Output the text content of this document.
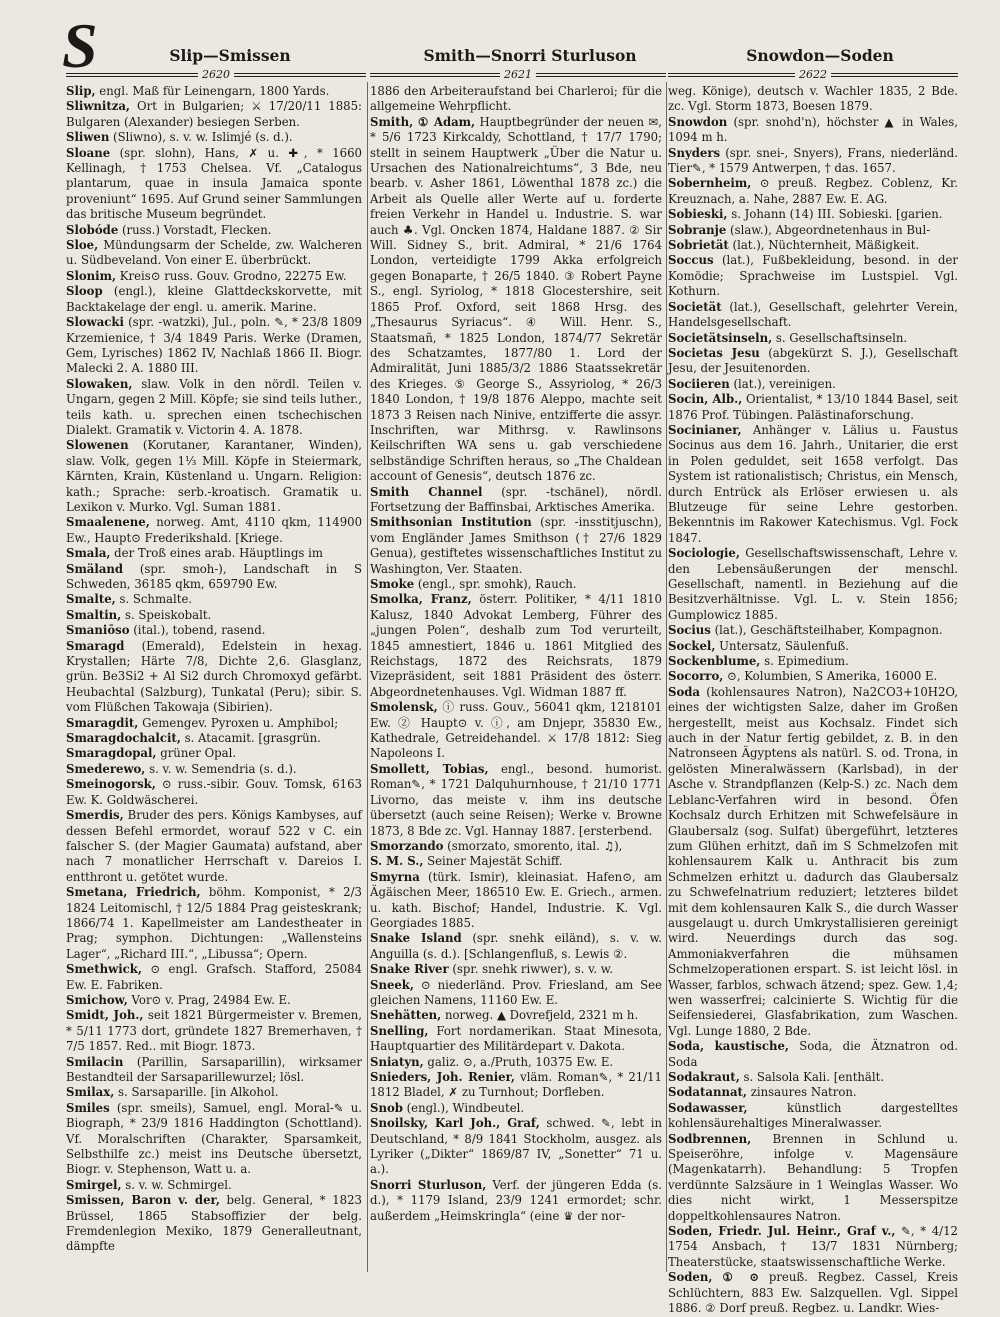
S	Slip—Smissen	Smith—Snorri Sturluson	Snowdon—Soden
2620	2621	2622
Slip, engl. Maß für Leinengarn, 1800 Yards.
Sliwnitza, Ort in Bulgarien; ⚔ 17/20/11 1885: Bulgaren (Alexander) besiegen Serben.
Sliwen (Sliwno), s. v. w. Islimjé (s. d.).
Sloane (spr. slohn), Hans, ✗ u. ✚, * 1660 Kellinagh, †1753 Chelsea. Vf. „Catalogus plantarum, quae in insula Jamaica sponte proveniunt“ 1695. Auf Grund seiner Sammlungen das britische Museum begründet.
Slobóde (russ.) Vorstadt, Flecken.
Sloe, Mündungsarm der Schelde, zw. Walcheren u. Südbeveland. Von einer E. überbrückt.
Slonim, Kreis⊙ russ. Gouv. Grodno, 22275 Ew.
Sloop (engl.), kleine Glattdeckskorvette, mit Backtakelage der engl. u. amerik. Marine.
Slowacki (spr. -watzki), Jul., poln. ✎, * 23/8 1809 Krzemienice, † 3/4 1849 Paris. Werke (Dramen, Gem, Lyrisches) 1862 IV, Nachlaß 1866 II. Biogr. Malecki 2. A. 1880 III.
Slowaken, slaw. Volk in den nördl. Teilen v. Ungarn, gegen 2 Mill. Köpfe; sie sind teils luther., teils kath. u. sprechen einen tschechischen Dialekt. Gramatik v. Victorin 4. A. 1878.
Slowenen (Korutaner, Karantaner, Winden), slaw. Volk, gegen 1⅓ Mill. Köpfe in Steiermark, Kärnten, Krain, Küstenland u. Ungarn. Religion: kath.; Sprache: serb.-kroatisch. Gramatik u. Lexikon v. Murko. Vgl. Suman 1881.
Smaalenene, norweg. Amt, 4110 qkm, 114900 Ew., Haupt⊙ Frederikshald. [Kriege.
Smala, der Troß eines arab. Häuptlings im
Smäland (spr. smoh-), Landschaft in S Schweden, 36185 qkm, 659790 Ew.
Smalte, s. Schmalte.
Smaltin, s. Speiskobalt.
Smaniōso (ital.), tobend, rasend.
Smaragd (Emerald), Edelstein in hexag. Krystallen; Härte 7/8, Dichte 2,6. Glasglanz, grün. Be3Si2 + Al Si2 durch Chromoxyd gefärbt. Heubachtal (Salzburg), Tunkatal (Peru); sibir. S. vom Flüßchen Takowaja (Sibirien).
Smaragdit, Gemengev. Pyroxen u. Amphibol;
Smaragdochalcit, s. Atacamit. [grasgrün.
Smaragdopal, grüner Opal.
Smederewo, s. v. w. Semendria (s. d.).
Smeinogorsk, ⊙ russ.-sibir. Gouv. Tomsk, 6163 Ew. K. Goldwäscherei.
Smerdis, Bruder des pers. Königs Kambyses, auf dessen Befehl ermordet, worauf 522 v C. ein falscher S. (der Magier Gaumata) aufstand, aber nach 7 monatlicher Herrschaft v. Dareios I. entthront u. getötet wurde.
Smetana, Friedrich, böhm. Komponist, * 2/3 1824 Leitomischl, † 12/5 1884 Prag geisteskrank; 1866/74 1. Kapellmeister am Landestheater in Prag; symphon. Dichtungen: „Wallensteins Lager“, „Richard III.“, „Libussa“; Opern.
Smethwick, ⊙ engl. Grafsch. Stafford, 25084 Ew. E. Fabriken.
Smichow, Vor⊙ v. Prag, 24984 Ew. E.
Smidt, Joh., seit 1821 Bürgermeister v. Bremen, * 5/11 1773 dort, gründete 1827 Bremerhaven, † 7/5 1857. Red.. mit Biogr. 1873.
Smilacin (Parillin, Sarsaparillin), wirksamer Bestandteil der Sarsaparillewurzel; lösl.
Smilax, s. Sarsaparille. [in Alkohol.
Smiles (spr. smeils), Samuel, engl. Moral-✎ u. Biograph, * 23/9 1816 Haddington (Schottland). Vf. Moralschriften (Charakter, Sparsamkeit, Selbsthilfe zc.) meist ins Deutsche übersetzt, Biogr. v. Stephenson, Watt u. a.
Smirgel, s. v. w. Schmirgel.
Smissen, Baron v. der, belg. General, * 1823 Brüssel, 1865 Stabsoffizier der belg. Fremdenlegion Mexiko, 1879 Generalleutnant, dämpfte
1886 den Arbeiteraufstand bei Charleroi; für die allgemeine Wehrpflicht.
Smith, ① Adam, Hauptbegründer der neuen ✉, * 5/6 1723 Kirkcaldy, Schottland, † 17/7 1790; stellt in seinem Hauptwerk „Über die Natur u. Ursachen des Nationalreichtums“, 3 Bde, neu bearb. v. Asher 1861, Löwenthal 1878 zc.) die Arbeit als Quelle aller Werte auf u. forderte freien Verkehr in Handel u. Industrie. S. war auch ♣. Vgl. Oncken 1874, Haldane 1887. ② Sir Will. Sidney S., brit. Admiral, * 21/6 1764 London, verteidigte 1799 Akka erfolgreich gegen Bonaparte, † 26/5 1840. ③ Robert Payne S., engl. Syriolog, * 1818 Glocestershire, seit 1865 Prof. Oxford, seit 1868 Hrsg. des „Thesaurus Syriacus“. ④ Will. Henr. S., Staatsmañ, * 1825 London, 1874/77 Sekretär des Schatzamtes, 1877/80 1. Lord der Admiralität, Juni 1885/3/2 1886 Staatssekretär des Krieges. ⑤ George S., Assyriolog, * 26/3 1840 London, † 19/8 1876 Aleppo, machte seit 1873 3 Reisen nach Ninive, entzifferte die assyr. Inschriften, war Mithrsg. v. Rawlinsons Keilschriften WA sens u. gab verschiedene selbständige Schriften heraus, so „The Chaldean account of Genesis“, deutsch 1876 zc.
Smith Channel (spr. -tschänel), nördl. Fortsetzung der Baffinsbai, Arktisches Amerika.
Smithsonian Institution (spr. -insstitjuschn), vom Engländer James Smithson († 27/6 1829 Genua), gestiftetes wissenschaftliches Institut zu Washington, Ver. Staaten.
Smoke (engl., spr. smohk), Rauch.
Smolka, Franz, österr. Politiker, * 4/11 1810 Kalusz, 1840 Advokat Lemberg, Führer des „jungen Polen“, deshalb zum Tod verurteilt, 1845 amnestiert, 1846 u. 1861 Mitglied des Reichstags, 1872 des Reichsrats, 1879 Vizepräsident, seit 1881 Präsident des österr. Abgeordnetenhauses. Vgl. Widman 1887 ff.
Smolensk, ⓘ russ. Gouv., 56041 qkm, 1218101 Ew. ② Haupt⊙ v. ⓘ, am Dnjepr, 35830 Ew., Kathedrale, Getreidehandel. ⚔ 17/8 1812: Sieg Napoleons I.
Smollett, Tobias, engl., besond. humorist. Roman✎, * 1721 Dalquhurnhouse, † 21/10 1771 Livorno, das meiste v. ihm ins deutsche übersetzt (auch seine Reisen); Werke v. Browne 1873, 8 Bde zc. Vgl. Hannay 1887. [ersterbend.
Smorzando (smorzato, smorento, ital. ♫),
S. M. S., Seiner Majestät Schiff.
Smyrna (türk. Ismir), kleinasiat. Hafen⊙, am Ägäischen Meer, 186510 Ew. E. Griech., armen. u. kath. Bischof; Handel, Industrie. K. Vgl. Georgiades 1885.
Snake Island (spr. snehk eiländ), s. v. w. Anguilla (s. d.). [Schlangenfluß, s. Lewis ②.
Snake River (spr. snehk riwwer), s. v. w.
Sneek, ⊙ niederländ. Prov. Friesland, am See gleichen Namens, 11160 Ew. E.
Snehätten, norweg. ▲ Dovrefjeld, 2321 m h.
Snelling, Fort nordamerikan. Staat Minesota, Hauptquartier des Militärdepart v. Dakota.
Sniatyn, galiz. ⊙, a./Pruth, 10375 Ew. E.
Snieders, Joh. Renier, vläm. Roman✎, * 21/11 1812 Bladel, ✗ zu Turnhout; Dorfleben.
Snob (engl.), Windbeutel.
Snoilsky, Karl Joh., Graf, schwed. ✎, lebt in Deutschland, * 8/9 1841 Stockholm, ausgez. als Lyriker („Dikter“ 1869/87 IV, „Sonetter“ 71 u. a.).
Snorri Sturluson, Verf. der jüngeren Edda (s. d.), * 1179 Island, 23/9 1241 ermordet; schr. außerdem „Heimskringla“ (eine ♛ der nor-
weg. Könige), deutsch v. Wachler 1835, 2 Bde. zc. Vgl. Storm 1873, Boesen 1879.
Snowdon (spr. snohd'n), höchster ▲ in Wales, 1094 m h.
Snyders (spr. snei-, Snyers), Frans, niederländ. Tier✎, * 1579 Antwerpen, † das. 1657.
Sobernheim, ⊙ preuß. Regbez. Coblenz, Kr. Kreuznach, a. Nahe, 2887 Ew. E. AG.
Sobieski, s. Johann (14) III. Sobieski. [garien.
Sobranje (slaw.), Abgeordnetenhaus in Bul-
Sobrietät (lat.), Nüchternheit, Mäßigkeit.
Soccus (lat.), Fußbekleidung, besond. in der Komödie; Sprachweise im Lustspiel. Vgl. Kothurn.
Societät (lat.), Gesellschaft, gelehrter Verein, Handelsgesellschaft.
Societätsinseln, s. Gesellschaftsinseln.
Societas Jesu (abgekürzt S. J.), Gesellschaft Jesu, der Jesuitenorden.
Sociieren (lat.), vereinigen.
Socin, Alb., Orientalist, * 13/10 1844 Basel, seit 1876 Prof. Tübingen. Palästinaforschung.
Socinianer, Anhänger v. Lälius u. Faustus Socinus aus dem 16. Jahrh., Unitarier, die erst in Polen geduldet, seit 1658 verfolgt. Das System ist rationalistisch; Christus, ein Mensch, durch Entrück als Erlöser erwiesen u. als Blutzeuge für seine Lehre gestorben. Bekenntnis im Rakower Katechismus. Vgl. Fock 1847.
Sociologie, Gesellschaftswissenschaft, Lehre v. den Lebensäußerungen der menschl. Gesellschaft, namentl. in Beziehung auf die Besitzverhältnisse. Vgl. L. v. Stein 1856; Gumplowicz 1885.
Socius (lat.), Geschäftsteilhaber, Kompagnon.
Sockel, Untersatz, Säulenfuß.
Sockenblume, s. Epimedium.
Socorro, ⊙, Kolumbien, S Amerika, 16000 E.
Soda (kohlensaures Natron), Na2CO3+10H2O, eines der wichtigsten Salze, daher im Großen hergestellt, meist aus Kochsalz. Findet sich auch in der Natur fertig gebildet, z. B. in den Natronseen Ägyptens als natürl. S. od. Trona, in gelösten Mineralwässern (Karlsbad), in der Asche v. Strandpflanzen (Kelp-S.) zc. Nach dem Leblanc-Verfahren wird in besond. Öfen Kochsalz durch Erhitzen mit Schwefelsäure in Glaubersalz (sog. Sulfat) übergeführt, letzteres zum Glühen erhitzt, dañ im S Schmelzofen mit kohlensaurem Kalk u. Anthracit bis zum Schmelzen erhitzt u. dadurch das Glaubersalz zu Schwefelnatrium reduziert; letzteres bildet mit dem kohlensauren Kalk S., die durch Wasser ausgelaugt u. durch Umkrystallisieren gereinigt wird. Neuerdings durch das sog. Ammoniakverfahren die mühsamen Schmelzoperationen erspart. S. ist leicht lösl. in Wasser, farblos, schwach ätzend; spez. Gew. 1,4; wen wasserfrei; calcinierte S. Wichtig für die Seifensiederei, Glasfabrikation, zum Waschen. Vgl. Lunge 1880, 2 Bde.
Soda, kaustische, Soda, die Ätznatron od. Soda
Sodakraut, s. Salsola Kali. [enthält.
Sodatannat, zinsaures Natron.
Sodawasser, künstlich dargestelltes kohlensäurehaltiges Mineralwasser.
Sodbrennen, Brennen in Schlund u. Speiseröhre, infolge v. Magensäure (Magenkatarrh). Behandlung: 5 Tropfen verdünnte Salzsäure in 1 Weinglas Wasser. Wo dies nicht wirkt, 1 Messerspitze doppeltkohlensaures Natron.
Soden, Friedr. Jul. Heinr., Graf v., ✎, * 4/12 1754 Ansbach, † 13/7 1831 Nürnberg; Theaterstücke, staatswissenschaftliche Werke.
Soden, ① ⊙ preuß. Regbez. Cassel, Kreis Schlüchtern, 883 Ew. Salzquellen. Vgl. Sippel 1886. ② Dorf preuß. Regbez. u. Landkr. Wies-
